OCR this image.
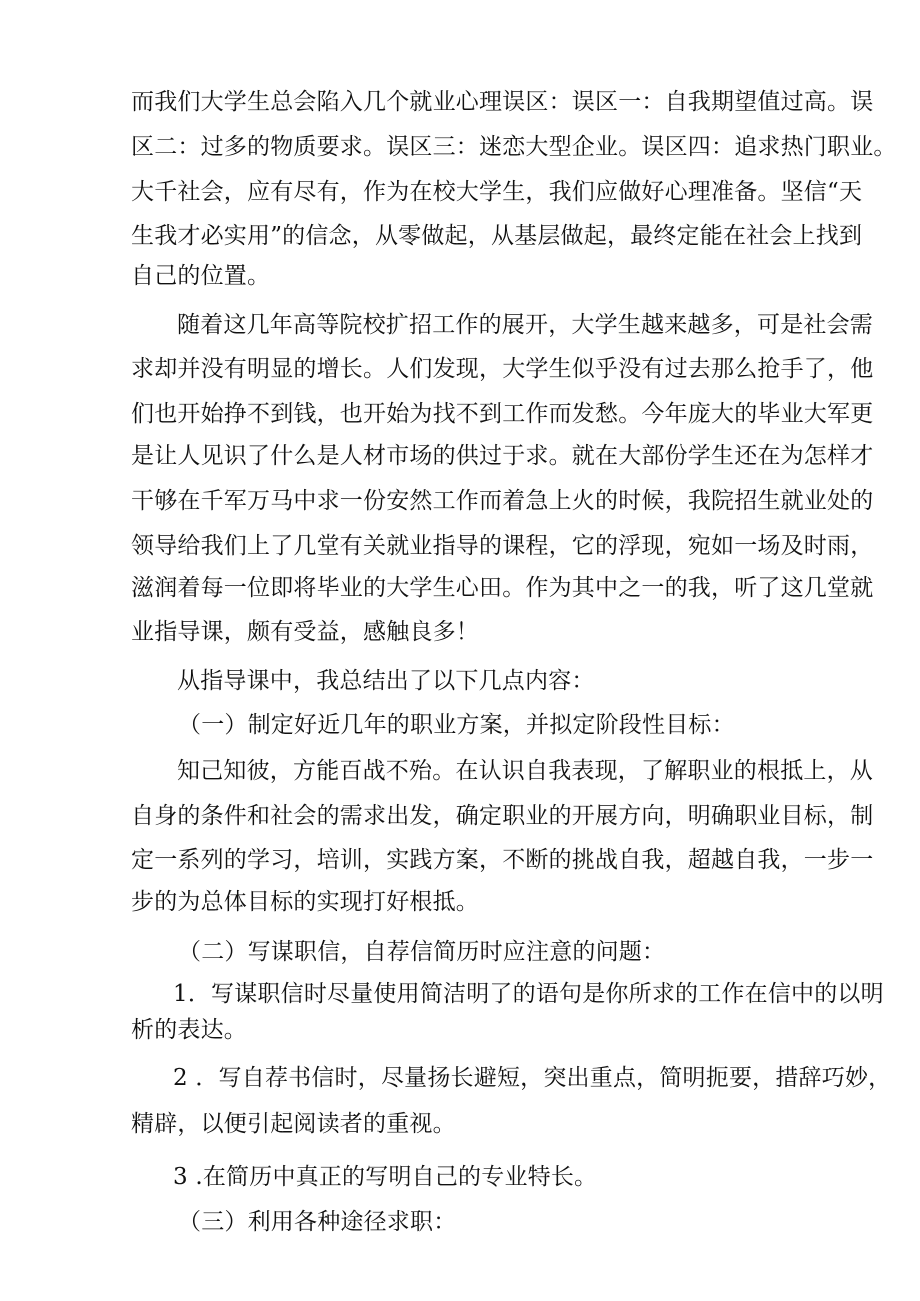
而我们大学生总会陷入几个就业心理误区：误区一：自我期望值过高。误
区二：过多的物质要求。误区三：迷恋大型企业。误区四：追求热门职业。
大千社会，应有尽有，作为在校大学生，我们应做好心理准备。坚信“天
生我才必实用”的信念，从零做起，从基层做起，最终定能在社会上找到
自己的位置。
随着这几年高等院校扩招工作的展开，大学生越来越多，可是社会需
求却并没有明显的增长。人们发现，大学生似乎没有过去那么抢手了，他
们也开始挣不到钱，也开始为找不到工作而发愁。今年庞大的毕业大军更
是让人见识了什么是人材市场的供过于求。就在大部份学生还在为怎样才
干够在千军万马中求一份安然工作而着急上火的时候，我院招生就业处的
领导给我们上了几堂有关就业指导的课程，它的浮现，宛如一场及时雨，
滋润着每一位即将毕业的大学生心田。作为其中之一的我，听了这几堂就
业指导课，颇有受益，感触良多！
从指导课中，我总结出了以下几点内容：
（一）制定好近几年的职业方案，并拟定阶段性目标：
知己知彼，方能百战不殆。在认识自我表现，了解职业的根抵上，从
自身的条件和社会的需求出发，确定职业的开展方向，明确职业目标，制
定一系列的学习，培训，实践方案，不断的挑战自我，超越自我，一步一
步的为总体目标的实现打好根抵。
（二）写谋职信，自荐信简历时应注意的问题：
1．写谋职信时尽量使用简洁明了的语句是你所求的工作在信中的以明
析的表达。
2 ．写自荐书信时，尽量扬长避短，突出重点，简明扼要，措辞巧妙，
精辟，以便引起阅读者的重视。
3 .在简历中真正的写明自己的专业特长。
（三）利用各种途径求职：
